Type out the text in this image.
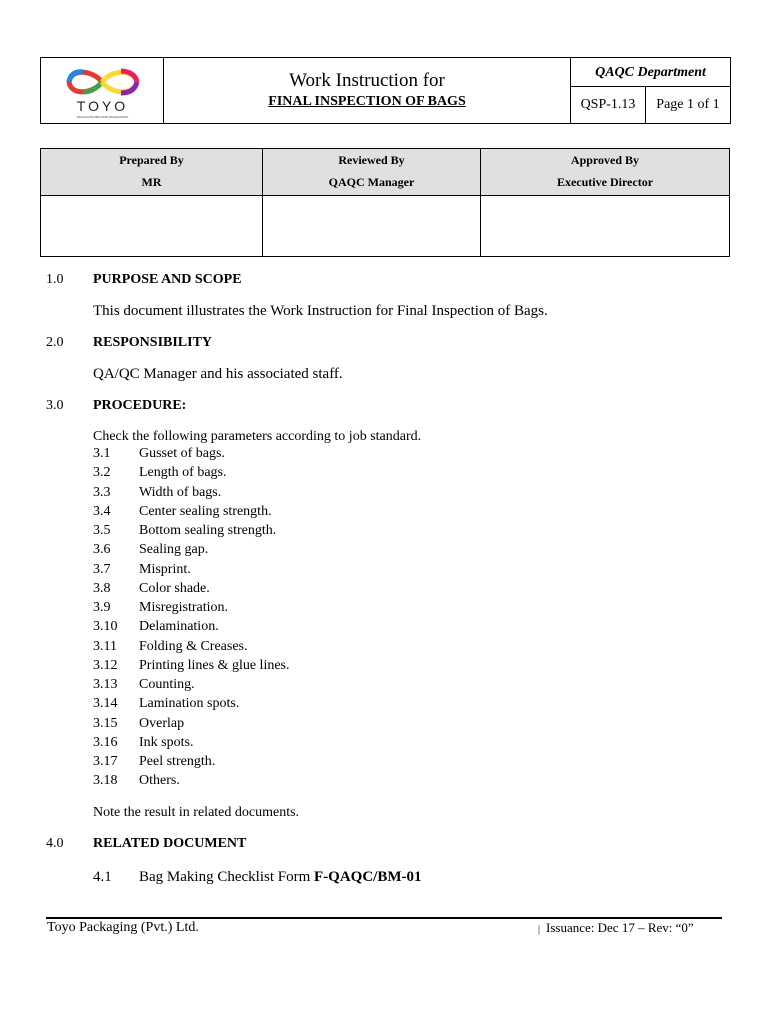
TOYO
PACKAGING BEYOND IMAGINATION
Work Instruction for
FINAL INSPECTION OF BAGS
QAQC Department
QSP-1.13	Page 1 of 1
Prepared By
MR
Reviewed By
QAQC Manager
Approved By
Executive Director
1.0 PURPOSE AND SCOPE
This document illustrates the Work Instruction for Final Inspection of Bags.
2.0 RESPONSIBILITY
QA/QC Manager and his associated staff.
3.0 PROCEDURE:
Check the following parameters according to job standard.
3.1 Gusset of bags.
3.2 Length of bags.
3.3 Width of bags.
3.4 Center sealing strength.
3.5 Bottom sealing strength.
3.6 Sealing gap.
3.7 Misprint.
3.8 Color shade.
3.9 Misregistration.
3.10 Delamination.
3.11 Folding & Creases.
3.12 Printing lines & glue lines.
3.13 Counting.
3.14 Lamination spots.
3.15 Overlap
3.16 Ink spots.
3.17 Peel strength.
3.18 Others.
Note the result in related documents.
4.0 RELATED DOCUMENT
4.1 Bag Making Checklist Form F-QAQC/BM-01
Toyo Packaging (Pvt.) Ltd.	| Issuance: Dec 17 – Rev: “0”
